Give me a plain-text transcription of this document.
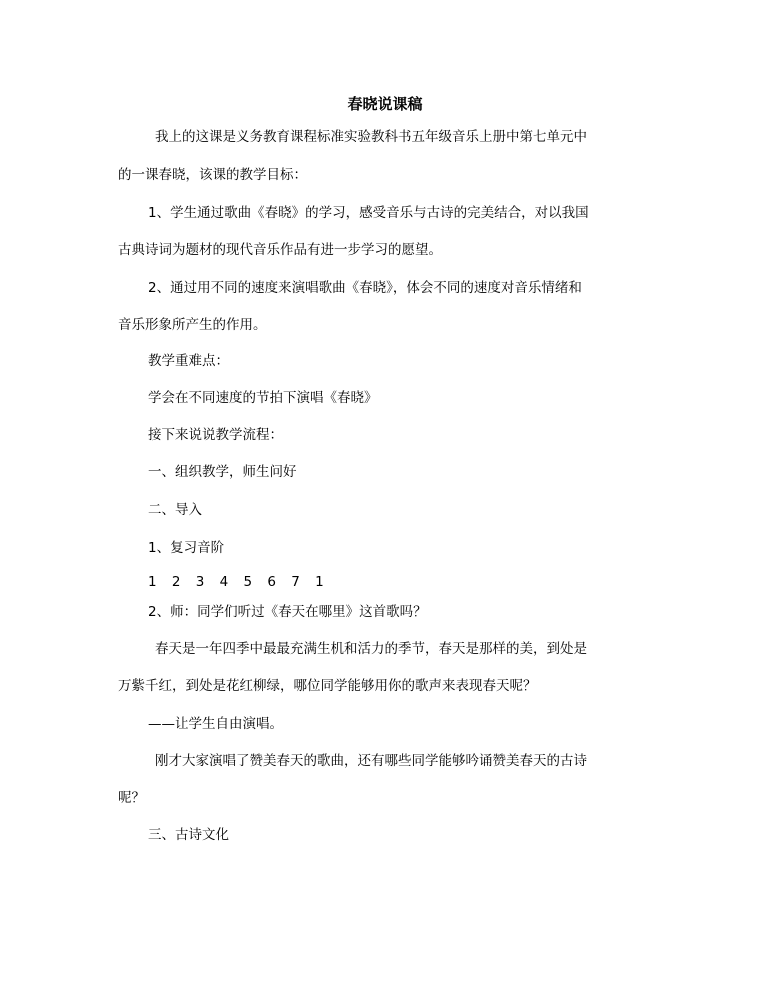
春晓说课稿
我上的这课是义务教育课程标准实验教科书五年级音乐上册中第七单元中
的一课春晓，该课的教学目标：
1、学生通过歌曲《春晓》的学习，感受音乐与古诗的完美结合，对以我国
古典诗词为题材的现代音乐作品有进一步学习的愿望。
2、通过用不同的速度来演唱歌曲《春晓》，体会不同的速度对音乐情绪和
音乐形象所产生的作用。
教学重难点：
学会在不同速度的节拍下演唱《春晓》
接下来说说教学流程：
一、组织教学，师生问好
二、导入
1、复习音阶
1 2 3 4 5 6 7 1
2、师：同学们听过《春天在哪里》这首歌吗？
春天是一年四季中最最充满生机和活力的季节，春天是那样的美，到处是
万紫千红，到处是花红柳绿，哪位同学能够用你的歌声来表现春天呢？
——让学生自由演唱。
刚才大家演唱了赞美春天的歌曲，还有哪些同学能够吟诵赞美春天的古诗
呢？
三、古诗文化
